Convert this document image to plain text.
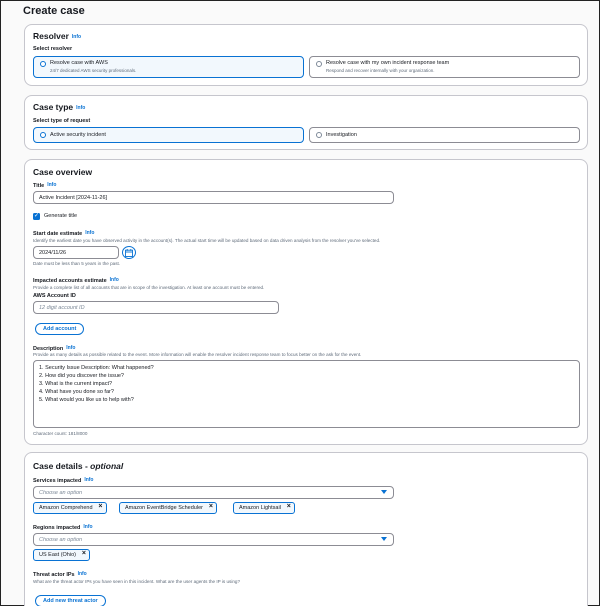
Create case
Resolver Info
Select resolver
Resolve case with AWS
24/7 dedicated AWS security professionals.
Resolve case with my own incident response team
Respond and recover internally with your organization.
Case type Info
Select type of request
Active security incident	Investigation
Case overview
Title Info
Active Incident [2024-11-26]
✓ Generate title
Start date estimate Info
Identify the earliest date you have observed activity in the account(s). The actual start time will be updated based on data driven analysis from the resolver you've selected.
2024/11/26
Date must be less than 5 years in the past.
Impacted accounts estimate Info
Provide a complete list of all accounts that are in scope of the investigation. At least one account must be entered.
AWS Account ID
12 digit account ID
Add account
Description Info
Provide as many details as possible related to the event. More information will enable the resolver incident response team to focus better on the ask for the event.
1. Security Issue Description: What happened?
2. How did you discover the issue?
3. What is the current impact?
4. What have you done so far?
5. What would you like us to help with?
Character count: 181/8000
Case details - optional
Services impacted Info
Choose an option
Amazon Comprehend ×	Amazon EventBridge Scheduler ×	Amazon Lightsail ×
Regions impacted Info
Choose an option
US East (Ohio) ×
Threat actor IPs Info
What are the threat actor IPs you have seen in this incident. What are the user agents the IP is using?
Add new threat actor
